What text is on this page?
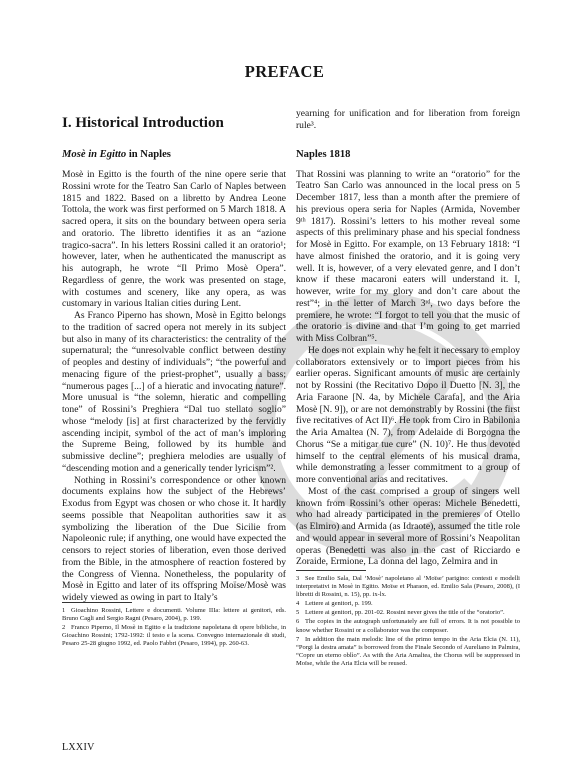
PREFACE
I. Historical Introduction
Mosè in Egitto in Naples

Mosè in Egitto is the fourth of the nine opere serie that Rossini wrote for the Teatro San Carlo of Naples between 1815 and 1822. Based on a libretto by Andrea Leone Tottola, the work was first performed on 5 March 1818. A sacred opera, it sits on the boundary between opera seria and oratorio. The libretto identifies it as an “azione tragico-sacra”. In his letters Rossini called it an oratorio¹; however, later, when he authenticated the manuscript as his autograph, he wrote “Il Primo Mosè Opera”. Regardless of genre, the work was presented on stage, with costumes and scenery, like any opera, as was customary in various Italian cities during Lent.

As Franco Piperno has shown, Mosè in Egitto belongs to the tradition of sacred opera not merely in its subject but also in many of its characteristics: the centrality of the supernatural; the “unresolvable conflict between destiny of peoples and destiny of individuals”; “the powerful and menacing figure of the priest-prophet”, usually a bass; “numerous pages [...] of a hieratic and invocating nature”. More unusual is “the solemn, hieratic and compelling tone” of Rossini’s Preghiera “Dal tuo stellato soglio” whose “melody [is] at first characterized by the fervidly ascending incipit, symbol of the act of man’s imploring the Supreme Being, followed by its humble and submissive decline”; preghiera melodies are usually of “descending motion and a generically tender lyricism”².

Nothing in Rossini’s correspondence or other known documents explains how the subject of the Hebrews’ Exodus from Egypt was chosen or who chose it. It hardly seems possible that Neapolitan authorities saw it as symbolizing the liberation of the Due Sicilie from Napoleonic rule; if anything, one would have expected the censors to reject stories of liberation, even those derived from the Bible, in the atmosphere of reaction fostered by the Congress of Vienna. Nonetheless, the popularity of Mosè in Egitto and later of its offspring Moïse/Mosè was widely viewed as owing in part to Italy’s

yearning for unification and for liberation from foreign rule³.

Naples 1818

That Rossini was planning to write an “oratorio” for the Teatro San Carlo was announced in the local press on 5 December 1817, less than a month after the premiere of his previous opera seria for Naples (Armida, November 9ᵗʰ 1817). Rossini’s letters to his mother reveal some aspects of this preliminary phase and his special fondness for Mosè in Egitto. For example, on 13 February 1818: “I have almost finished the oratorio, and it is going very well. It is, however, of a very elevated genre, and I don’t know if these macaroni eaters will understand it. I, however, write for my glory and don’t care about the rest”⁴; in the letter of March 3ʳᵈ, two days before the premiere, he wrote: “I forgot to tell you that the music of the oratorio is divine and that I’m going to get married with Miss Colbran”⁵.

He does not explain why he felt it necessary to employ collaborators extensively or to import pieces from his earlier operas. Significant amounts of music are certainly not by Rossini (the Recitativo Dopo il Duetto [N. 3], the Aria Faraone [N. 4a, by Michele Carafa], and the Aria Mosè [N. 9]), or are not demonstrably by Rossini (the first five recitatives of Act II)⁶. He took from Ciro in Babilonia the Aria Amaltea (N. 7), from Adelaide di Borgogna the Chorus “Se a mitigar tue cure” (N. 10)⁷. He thus devoted himself to the central elements of his musical drama, while demonstrating a lesser commitment to a group of more conventional arias and recitatives.

Most of the cast comprised a group of singers well known from Rossini’s other operas: Michele Benedetti, who had already participated in the premieres of Otello (as Elmiro) and Armida (as Idraote), assumed the title role and would appear in several more of Rossini’s Neapolitan operas (Benedetti was also in the cast of Ricciardo e Zoraide, Ermione, La donna del lago, Zelmira and in

1 Gioachino Rossini, Lettere e documenti. Volume IIIa: lettere ai genitori, eds. Bruno Cagli and Sergio Ragni (Pesaro, 2004), p. 199.
2 Franco Piperno, Il Mosè in Egitto e la tradizione napoletana di opere bibliche, in Gioachino Rossini; 1792-1992: il testo e la scena. Convegno internazionale di studi, Pesaro 25-28 giugno 1992, ed. Paolo Fabbri (Pesaro, 1994), pp. 260-63.
3 See Emilio Sala, Dal ‘Mosè’ napoletano al ‘Moïse’ parigino: contesti e modelli interpretativi in Mosè in Egitto. Moïse et Pharaon, ed. Emilio Sala (Pesaro, 2008), (I libretti di Rossini, n. 15), pp. ix-lx.
4 Lettere ai genitori, p. 199.
5 Lettere ai genitori, pp. 201-02. Rossini never gives the title of the “oratorio”.
6 The copies in the autograph unfortunately are full of errors. It is not possible to know whether Rossini or a collaborator was the composer.
7 In addition the main melodic line of the primo tempo in the Aria Elcia (N. 11), “Porgi la destra amata” is borrowed from the Finale Secondo of Aureliano in Palmira, “Copre un eterno oblìo”. As with the Aria Amaltea, the Chorus will be suppressed in Moïse, while the Aria Elcia will be reused.
LXXIV
